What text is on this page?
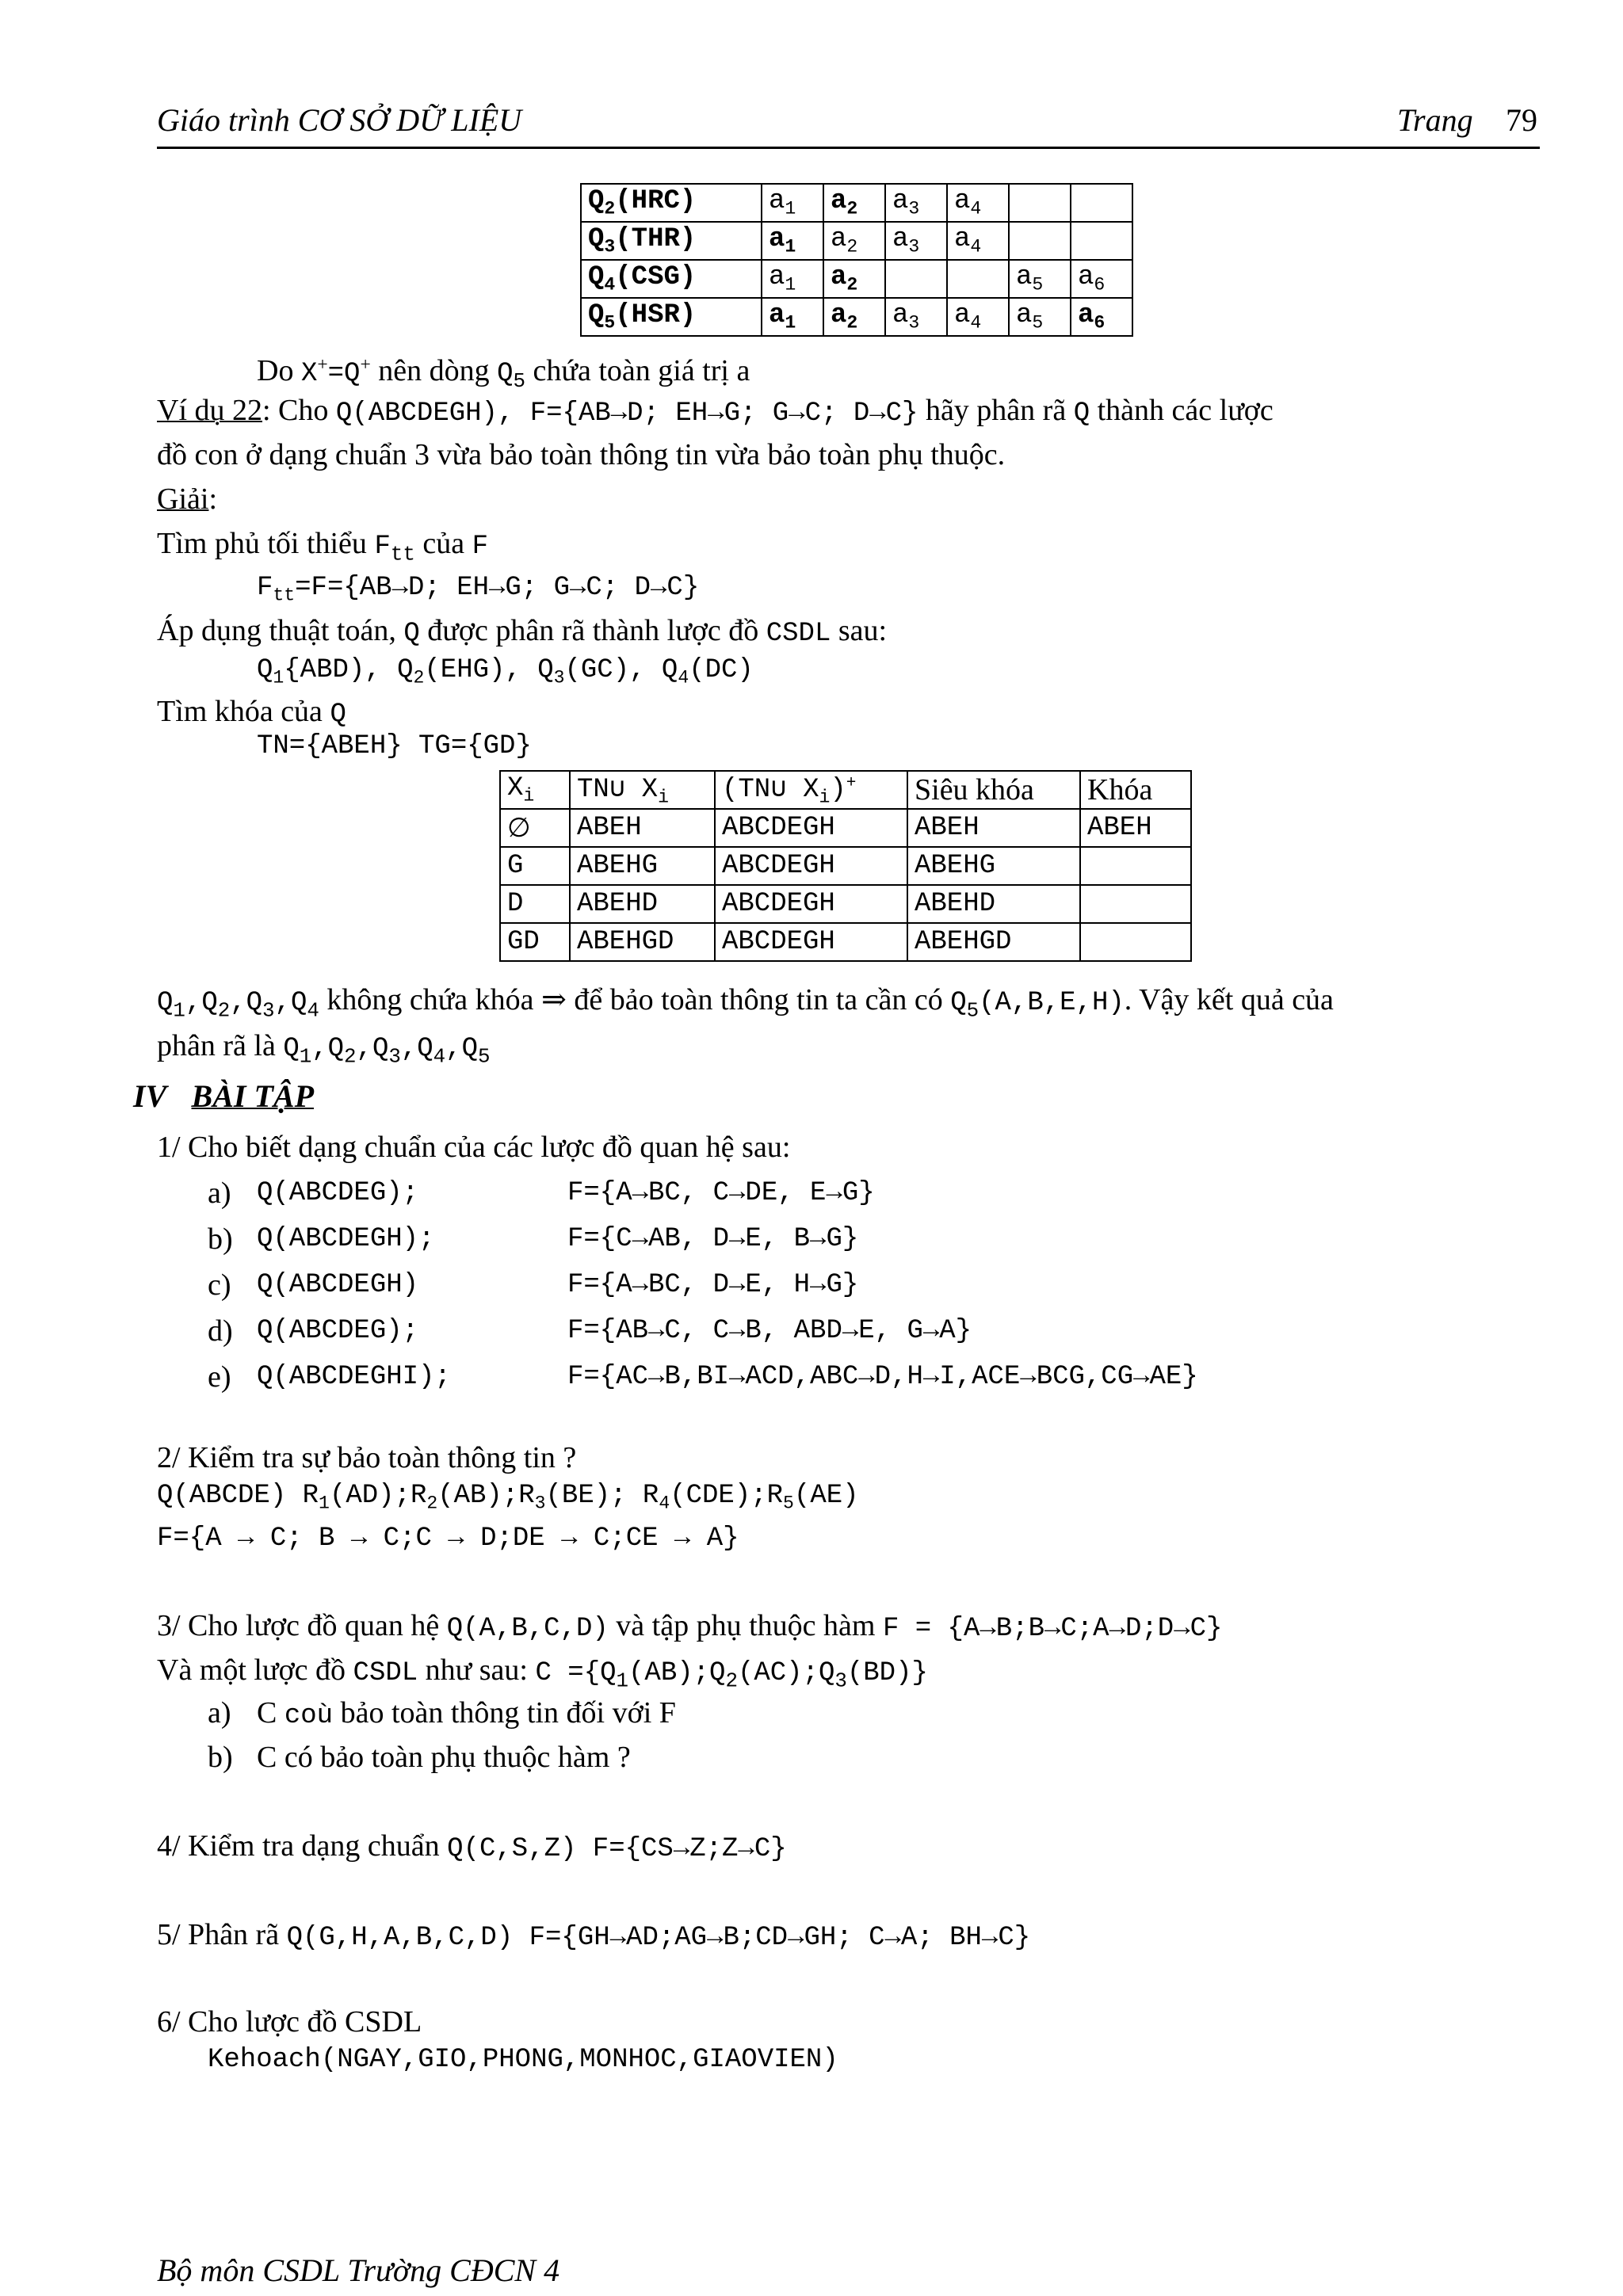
Giáo trình CƠ SỞ DỮ LIỆU	Trang 79
$Q_2(HRC)$	$a_1$	$a_2$	$a_3$	$a_4$		
$Q_3(THR)$	$a_1$	$a_2$	$a_3$	$a_4$		
$Q_4(CSG)$	$a_1$	$a_2$			$a_5$	$a_6$
$Q_5(HSR)$	$a_1$	$a_2$	$a_3$	$a_4$	$a_5$	$a_6$
Do X+=Q+ nên dòng $Q_5$ chứa toàn giá trị a
Ví dụ 22: Cho Q(ABCDEGH), F={AB→D; EH→G; G→C; D→C} hãy phân rã Q thành các lược
đồ con ở dạng chuẩn 3 vừa bảo toàn thông tin vừa bảo toàn phụ thuộc.
Giải:
Tìm phủ tối thiểu $F_{tt}$ của F
$F_{tt}=F=\{AB\to D$; EH→G; G→C; D→C}
Áp dụng thuật toán, Q được phân rã thành lược đồ CSDL sau:
$Q_1\{ABD)$, $Q_2(EHG)$, $Q_3(GC)$, $Q_4(DC)$
Tìm khóa của Q
TN={ABEH} TG={GD}
$X_i$	TN∪ $X_i$	(TN∪ $X_i)^+$	Siêu khóa	Khóa
∅	ABEH	ABCDEGH	ABEH	ABEH
G	ABEHG	ABCDEGH	ABEHG	
D	ABEHD	ABCDEGH	ABEHD	
GD	ABEHGD	ABCDEGH	ABEHGD	
$Q_1,Q_2,Q_3,Q_4$ không chứa khóa ⇒ để bảo toàn thông tin ta cần có $Q_5(A,B,E,H)$. Vậy kết quả của
phân rã là $Q_1,Q_2,Q_3,Q_4,Q_5$
IV BÀI TẬP
1/ Cho biết dạng chuẩn của các lược đồ quan hệ sau:
a) Q(ABCDEG);	F={A→BC, C→DE, E→G}
b) Q(ABCDEGH);	F={C→AB, D→E, B→G}
c) Q(ABCDEGH)	F={A→BC, D→E, H→G}
d) Q(ABCDEG);	F={AB→C, C→B, ABD→E, G→A}
e) Q(ABCDEGHI);	F={AC→B,BI→ACD,ABC→D,H→I,ACE→BCG,CG→AE}
2/ Kiểm tra sự bảo toàn thông tin ?
Q(ABCDE) $R_1(AD);R_2(AB);R_3(BE)$; $R_4(CDE);R_5(AE)$
F={A → C; B → C;C → D;DE → C;CE → A}
3/ Cho lược đồ quan hệ Q(A,B,C,D) và tập phụ thuộc hàm F = {A→B;B→C;A→D;D→C}
Và một lược đồ CSDL như sau: $C =\{Q_1(AB);Q_2(AC);Q_3(BD)\}$
a) C coù bảo toàn thông tin đối với F
b) C có bảo toàn phụ thuộc hàm ?
4/ Kiểm tra dạng chuẩn Q(C,S,Z) F={CS→Z;Z→C}
5/ Phân rã Q(G,H,A,B,C,D) F={GH→AD;AG→B;CD→GH; C→A; BH→C}
6/ Cho lược đồ CSDL
Kehoach(NGAY,GIO,PHONG,MONHOC,GIAOVIEN)
Bộ môn CSDL Trường CĐCN 4
